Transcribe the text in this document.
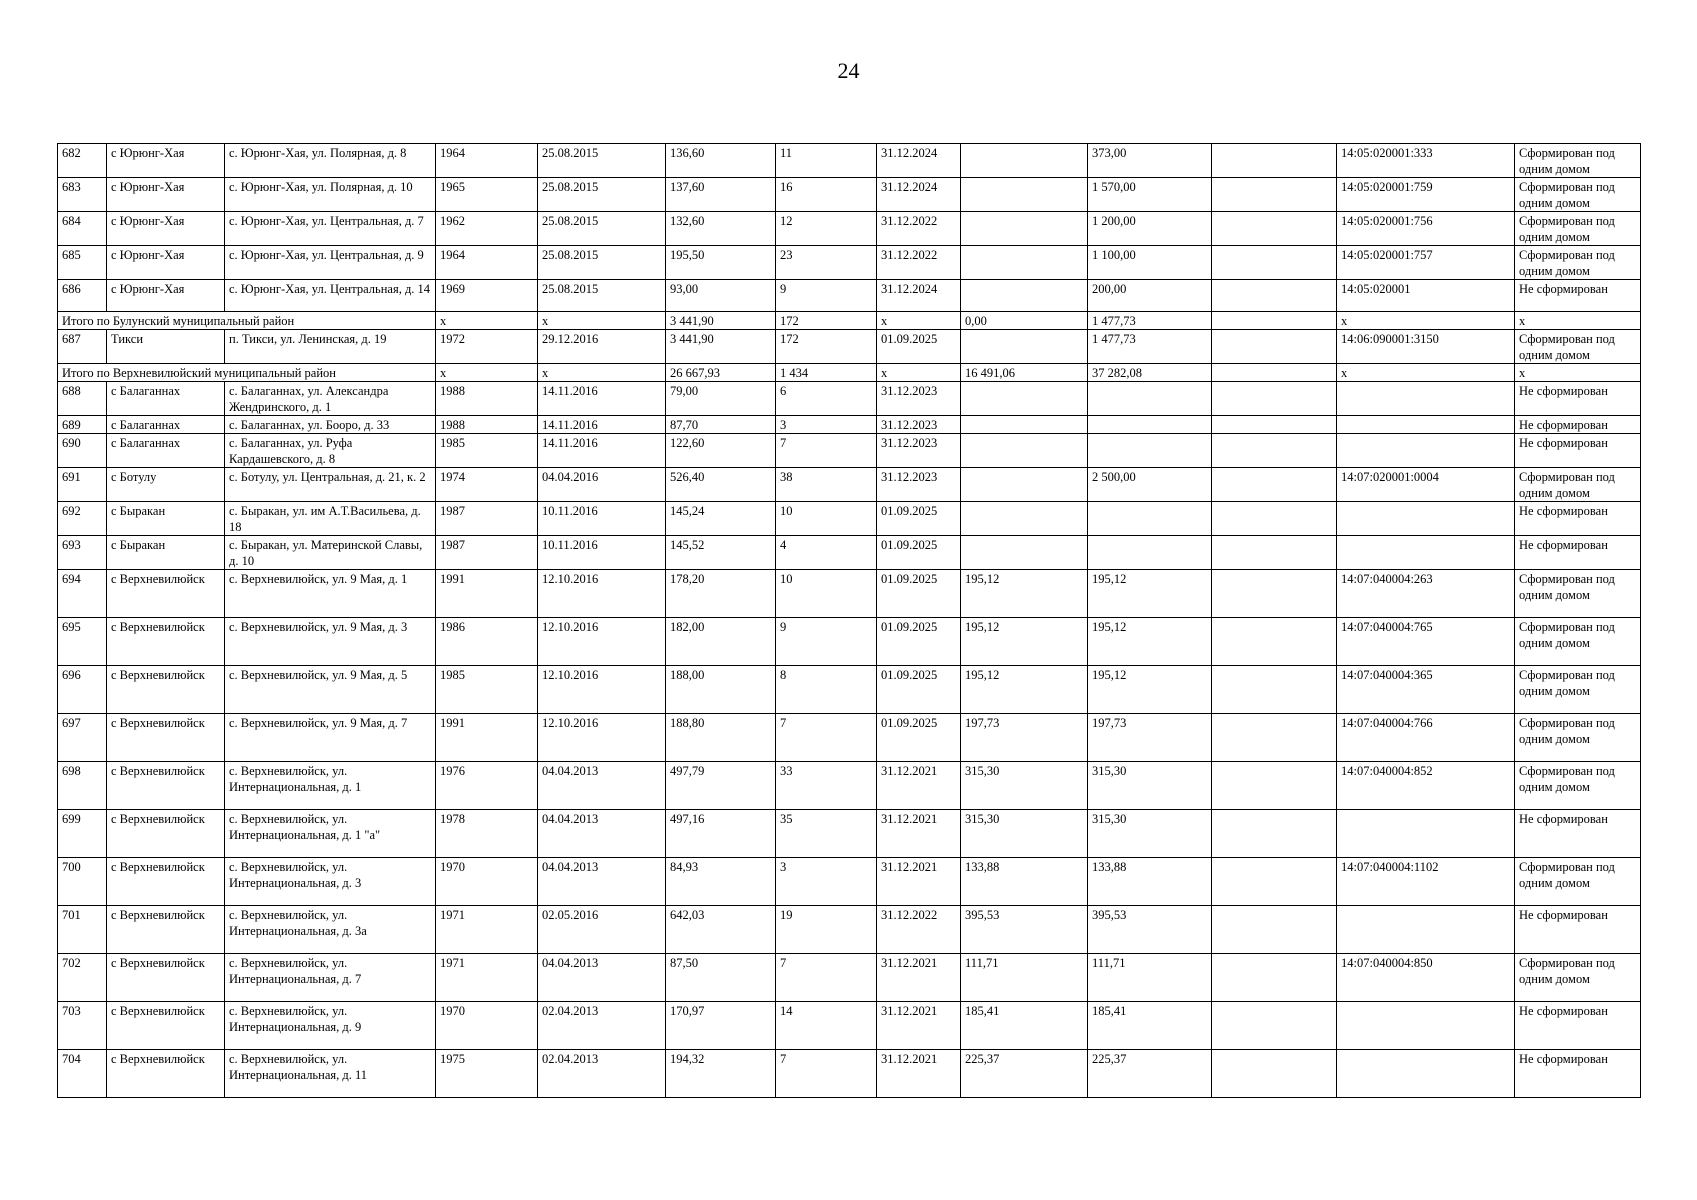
24
682	с Юрюнг-Хая	с. Юрюнг-Хая, ул. Полярная, д. 8	1964	25.08.2015	136,60	11	31.12.2024		373,00		14:05:020001:333	Сформирован под одним домом
683	с Юрюнг-Хая	с. Юрюнг-Хая, ул. Полярная, д. 10	1965	25.08.2015	137,60	16	31.12.2024		1 570,00		14:05:020001:759	Сформирован под одним домом
684	с Юрюнг-Хая	с. Юрюнг-Хая, ул. Центральная, д. 7	1962	25.08.2015	132,60	12	31.12.2022		1 200,00		14:05:020001:756	Сформирован под одним домом
685	с Юрюнг-Хая	с. Юрюнг-Хая, ул. Центральная, д. 9	1964	25.08.2015	195,50	23	31.12.2022		1 100,00		14:05:020001:757	Сформирован под одним домом
686	с Юрюнг-Хая	с. Юрюнг-Хая, ул. Центральная, д. 14	1969	25.08.2015	93,00	9	31.12.2024		200,00		14:05:020001	Не сформирован
Итого по Булунский муниципальный район			x	x	3 441,90	172	x	0,00	1 477,73		x	x
687	Тикси	п. Тикси, ул. Ленинская, д. 19	1972	29.12.2016	3 441,90	172	01.09.2025		1 477,73		14:06:090001:3150	Сформирован под одним домом
Итого по Верхневилюйский муниципальный район			x	x	26 667,93	1 434	x	16 491,06	37 282,08		x	x
688	с Балаганнах	с. Балаганнах, ул. Александра Жендринского, д. 1	1988	14.11.2016	79,00	6	31.12.2023					Не сформирован
689	с Балаганнах	с. Балаганнах, ул. Бооро, д. 33	1988	14.11.2016	87,70	3	31.12.2023					Не сформирован
690	с Балаганнах	с. Балаганнах, ул. Руфа Кардашевского, д. 8	1985	14.11.2016	122,60	7	31.12.2023					Не сформирован
691	с Ботулу	с. Ботулу, ул. Центральная, д. 21, к. 2	1974	04.04.2016	526,40	38	31.12.2023		2 500,00		14:07:020001:0004	Сформирован под одним домом
692	с Быракан	с. Быракан, ул. им А.Т.Васильева, д. 18	1987	10.11.2016	145,24	10	01.09.2025					Не сформирован
693	с Быракан	с. Быракан, ул. Материнской Славы, д. 10	1987	10.11.2016	145,52	4	01.09.2025					Не сформирован
694	с Верхневилюйск	с. Верхневилюйск, ул. 9 Мая, д. 1	1991	12.10.2016	178,20	10	01.09.2025	195,12	195,12		14:07:040004:263	Сформирован под одним домом
695	с Верхневилюйск	с. Верхневилюйск, ул. 9 Мая, д. 3	1986	12.10.2016	182,00	9	01.09.2025	195,12	195,12		14:07:040004:765	Сформирован под одним домом
696	с Верхневилюйск	с. Верхневилюйск, ул. 9 Мая, д. 5	1985	12.10.2016	188,00	8	01.09.2025	195,12	195,12		14:07:040004:365	Сформирован под одним домом
697	с Верхневилюйск	с. Верхневилюйск, ул. 9 Мая, д. 7	1991	12.10.2016	188,80	7	01.09.2025	197,73	197,73		14:07:040004:766	Сформирован под одним домом
698	с Верхневилюйск	с. Верхневилюйск, ул. Интернациональная, д. 1	1976	04.04.2013	497,79	33	31.12.2021	315,30	315,30		14:07:040004:852	Сформирован под одним домом
699	с Верхневилюйск	с. Верхневилюйск, ул. Интернациональная, д. 1 "а"	1978	04.04.2013	497,16	35	31.12.2021	315,30	315,30			Не сформирован
700	с Верхневилюйск	с. Верхневилюйск, ул. Интернациональная, д. 3	1970	04.04.2013	84,93	3	31.12.2021	133,88	133,88		14:07:040004:1102	Сформирован под одним домом
701	с Верхневилюйск	с. Верхневилюйск, ул. Интернациональная, д. 3а	1971	02.05.2016	642,03	19	31.12.2022	395,53	395,53			Не сформирован
702	с Верхневилюйск	с. Верхневилюйск, ул. Интернациональная, д. 7	1971	04.04.2013	87,50	7	31.12.2021	111,71	111,71		14:07:040004:850	Сформирован под одним домом
703	с Верхневилюйск	с. Верхневилюйск, ул. Интернациональная, д. 9	1970	02.04.2013	170,97	14	31.12.2021	185,41	185,41			Не сформирован
704	с Верхневилюйск	с. Верхневилюйск, ул. Интернациональная, д. 11	1975	02.04.2013	194,32	7	31.12.2021	225,37	225,37			Не сформирован
